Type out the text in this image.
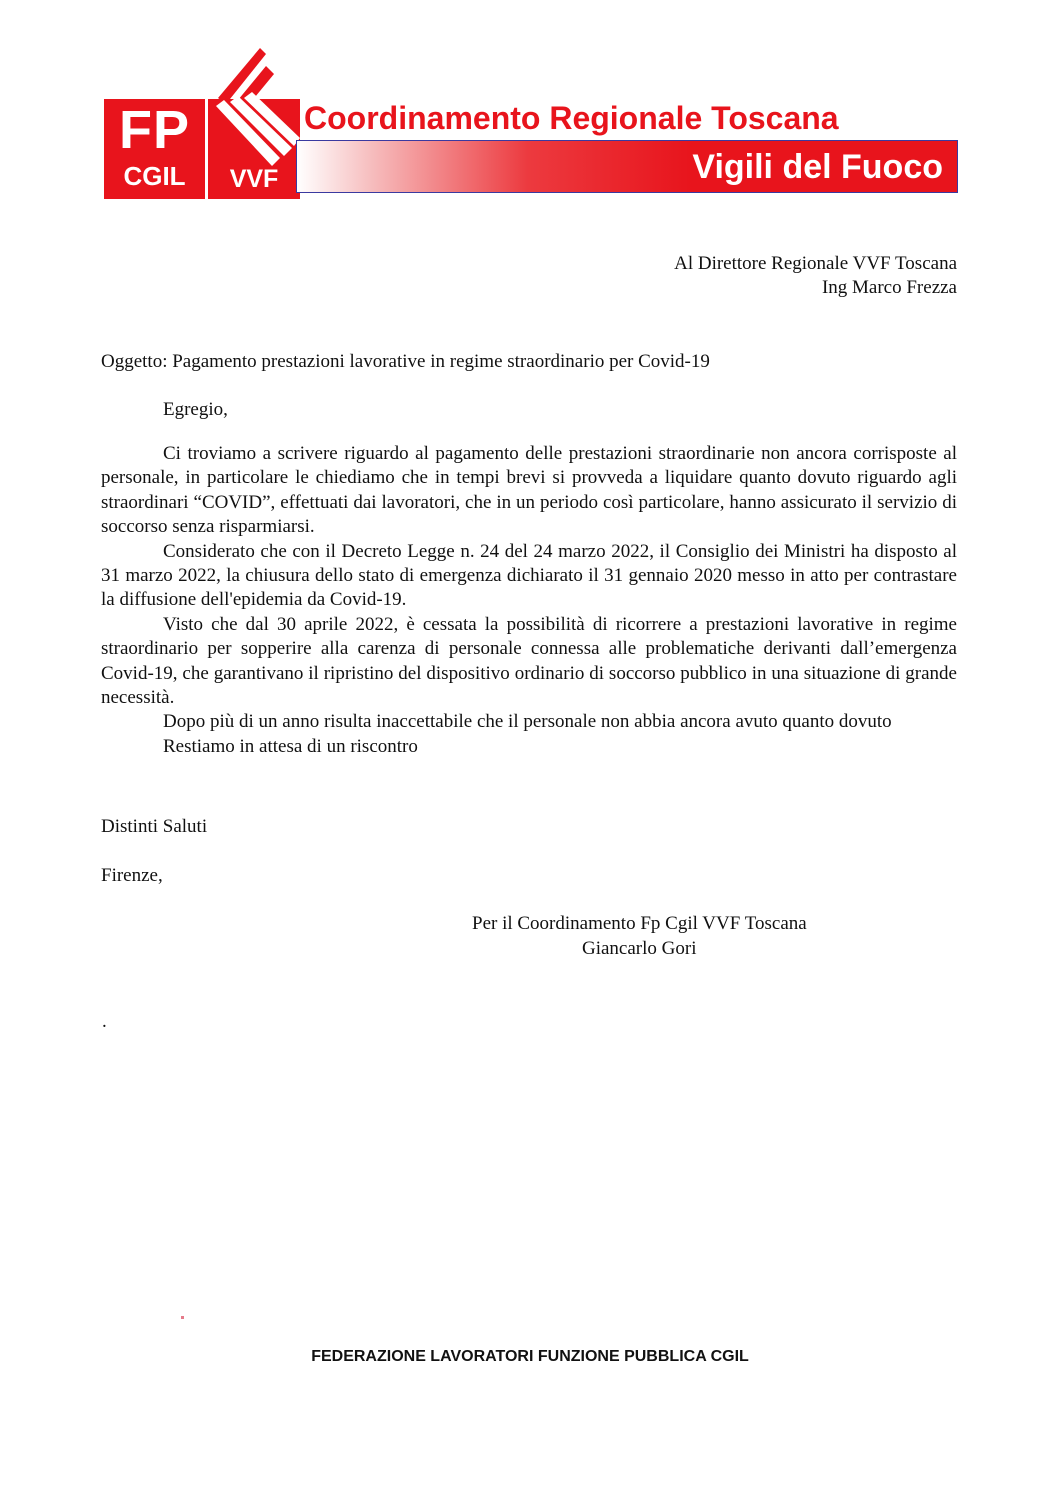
FP
CGIL	VVF
Coordinamento Regionale Toscana
Vigili del Fuoco
Al Direttore Regionale VVF Toscana
Ing Marco Frezza
Oggetto: Pagamento prestazioni lavorative in regime straordinario per Covid-19
Egregio,

Ci troviamo a scrivere riguardo al pagamento delle prestazioni straordinarie non ancora corrisposte al personale, in particolare le chiediamo che in tempi brevi si provveda a liquidare quanto dovuto riguardo agli straordinari “COVID”, effettuati dai lavoratori, che in un periodo così particolare, hanno assicurato il servizio di soccorso senza risparmiarsi.

Considerato che con il Decreto Legge n. 24 del 24 marzo 2022, il Consiglio dei Ministri ha disposto al 31 marzo 2022, la chiusura dello stato di emergenza dichiarato il 31 gennaio 2020 messo in atto per contrastare la diffusione dell'epidemia da Covid-19.

Visto che dal 30 aprile 2022, è cessata la possibilità di ricorrere a prestazioni lavorative in regime straordinario per sopperire alla carenza di personale connessa alle problematiche derivanti dall’emergenza Covid-19, che garantivano il ripristino del dispositivo ordinario di soccorso pubblico in una situazione di grande necessità.

Dopo più di un anno risulta inaccettabile che il personale non abbia ancora avuto quanto dovuto

Restiamo in attesa di un riscontro

Distinti Saluti
Firenze,
Per il Coordinamento Fp Cgil VVF Toscana
Giancarlo Gori
.
FEDERAZIONE LAVORATORI FUNZIONE PUBBLICA CGIL
